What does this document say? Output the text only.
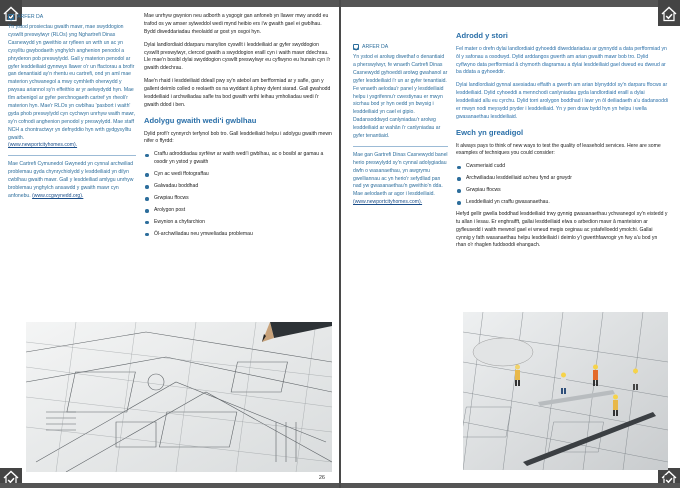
ARFER DA

Yn ystod prosiectau gwaith mawr, mae swyddogion cyswllt preswylwyr (RLOs) yng Nghartrefi Dinas Casnewydd yn gweithio ar ryfleen un wrth un ac yn cysylltu gwybodaeth ynghylch anghenion penodol a phryderon pob preswylydd. Gall y materion penodol ar gyfer lesddeiliaid gynnwys llawer o'r un ffactorau a brofir gan denantiaid ay'n rhentu eu cartrefi, ond yn aml mae materion ychwanegol a mwy cymhleth oherwydd y pwysau ariannol sy'n effeithio ar yr aelwydydd hyn. Mae tîm arbenigol ar gyfer perchnogaeth cartref yn rheoli'r materion hyn. Mae'r RLOs yn cwblhau 'pasbort i waith' gyda phob preswylydd cyn cychwyn unrhyw waith mawr, sy'n cofnodi anghenion penodol y preswylydd. Mae staff NCH a chontractwyr yn defnyddio hyn wrth gydgysylltu gwaith.
(www.newportcityhomes.com).

Mae Cartrefi Cymunedol Gwynedd yn cynnal archwiliad problemau gyda chynrychiolydd y lesddeiliaid yn dilyn cwblhau gwaith mawr. Gall y lesddeiliad amlygu unrhyw broblemau ynghylch ansawdd y gwaith mawr cyn anfonebu. (www.ccgwynedd.org).

Mae unrhyw gwynion neu adborth a ysgogir gan anfoneb yn llawer mwy anodd eu trafod os yw amser sylweddol wedi mynd heibio ers i'w gwaith gael ei gwblhau. Bydd diweddariadau rheolaidd ar gost yn osgoi hyn.

Dylai landlordiaid ddarparu manylion cyswllt i lesddeiliaid ar gyfer swyddogion cyswllt preswylwyr, clercod gwaith a swyddogion eraill cyn i waith mawr ddechrau. Lle mae'n bosibl dylai swyddogion cyswllt preswylwyr eu cyflwyno eu hunain cyn i'r gwaith ddechrau.

Mae'n rhaid i lesddeiliaid ddeall pwy sy'n atebol am berfformiad ar y safle, gan y gallent deimlo colled o reolaeth os na wyddant â phwy dylent siarad. Gall gwahodd lesddeiliaid i archwiliadau safle tra bod gwaith wrthi leihau ymholiadau wedi i'r gwaith ddod i ben.

Adolygu gwaith wedi'i gwblhau

Dylid profi'r cynnyrch terfynol bob tro. Gall lesddeiliaid helpu i adolygu gwaith mewn nifer o ffyrdd:

Craffu adroddiadau syrfëwr ar waith wedi'i gwblhau, ac o bosibl ar gamau a osodir yn ystod y gwaith
Cyn ac wedi ffotograffau
Galwadau boddhad
Grwpiau ffocws
Arolygon post
Ewynion a chyfarchion
Öl-archwiliadau neu ymweliadau problemau
26
ARFER DA

Yn ystod ei arolwg diwethaf o denantiaid a pherswylwyr, fe wnaeth Cartrefi Dinas Casnewydd gyhoeddi arolwg gwahanol ar gyfer lesddeiliaid i'r un ar gyfer tenantiaid. Fe wnaeth aelodau'r panel y lesddeiliaid helpu i ysgrifennu'r cwestiynau er mwyn sicrhau bod yr hyn oedd yn bwysig i lesddeiliaid yn cael ei gipio. Dadansoddwyd canlyniadau'r arolwg lesddeiliaid ar wahân i'r canlyniadau ar gyfer tenantiaid.

Mae gan Gartrefi Dinas Casnewydd banel herio preswylydd sy'n cynnal adolygiadau dwfn o wasanaethau, yn awgrymu gwelliannau ac yn herio'r sefydliad pan nad yw gwasanaethau'n gweithio'n dda. Mae aelodaeth ar agor i lesddeiliaid.
(www.newportcityhomes.com).

Adrodd y stori

Fel mater o drefn dylai landlordiaid gyhoeddi diweddariadau ar gynnydd a data perfformiad yn ôl y safonau a osodwyd. Dylid arddangos gwerth am arian gwaith mawr bob tro. Dylid cyflwyno data perfformiad â chymorth diagramau a dylai lesddeiliaid gael dweud eu dweud ar ba ddata a gyhoeddir.

Dylai landlordiaid gynnal asesiadau effaith a gwerth am arian blynyddol sy'n darparu ffocws ar lesddeiliaid. Dylid cyhoeddi a mennchodi canlyniadau gyda landlordiaid eraill a dylai lesddeiliaid allu eu cyrchu. Dylid torri arolygon boddhad i lawr yn ôl deiliadaeth a'u dadansoddi er mwyn nodi meysydd pryder i lesddeiliaid. Yn y pen draw bydd hyn yn helpu i wella gwasanaethau lesddeiliaid.

Ewch yn greadigol

It always pays to think of new ways to test the quality of leasehold services. Here are some examples of techniques you could consider:

Cwsmeriaid cudd
Archwiliadau lesddeiliaid ac/neu fynd ar grwydr
Grwpiau ffocws
Lesddeiliaid yn craffu gwasanaethau.

Hefyd gellir gwella boddhad lesddeiliaid trwy gynnig gwasanaethau ychwanegol sy'n eistedd y tu allan i lesau. Er enghraifft, gallai lesddeiliaid elwa o arbedion mawr â manteision ar gyfleusedd i waith mewnol gael ei wneud megis ceginau ac ystafelloedd ymolchi. Gallai cynnig y fath wasanaethau helpu lesddeiliaid i deimlo y'i gwerthfawrogir yn fwy a'u bod yn rhan o'r rhaglen fuddsoddi ehangach.

27
